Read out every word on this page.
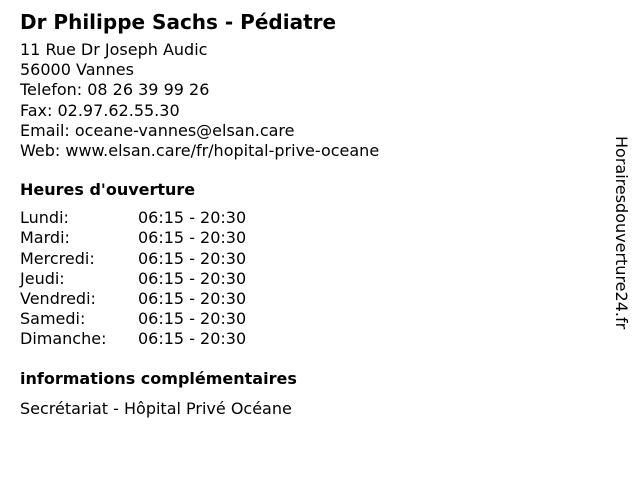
Dr Philippe Sachs - Pédiatre
11 Rue Dr Joseph Audic
56000 Vannes
Telefon: 08 26 39 99 26
Fax: 02.97.62.55.30
Email: oceane-vannes@elsan.care
Web: www.elsan.care/fr/hopital-prive-oceane
Heures d'ouverture
Lundi:	06:15 - 20:30
Mardi:	06:15 - 20:30
Mercredi:	06:15 - 20:30
Jeudi:	06:15 - 20:30
Vendredi:	06:15 - 20:30
Samedi:	06:15 - 20:30
Dimanche:	06:15 - 20:30
informations complémentaires
Secrétariat - Hôpital Privé Océane
Horairesdouverture24.fr
